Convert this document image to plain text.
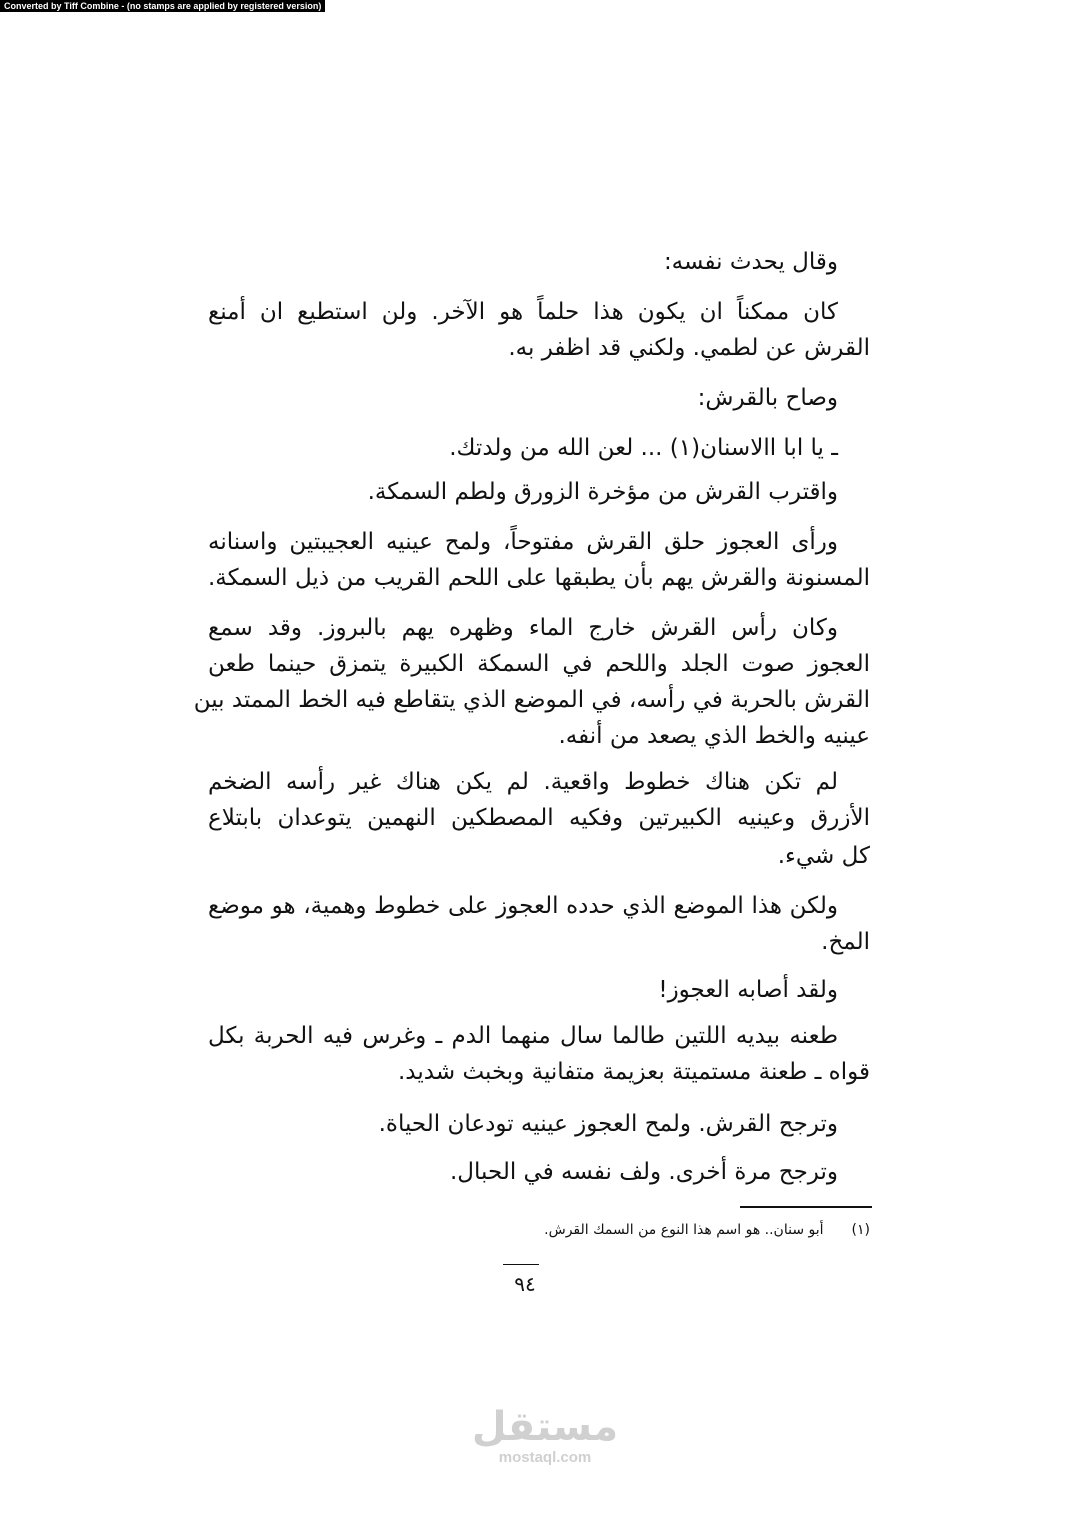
Converted by Tiff Combine - (no stamps are applied by registered version)
وقال يحدث نفسه:
كان ممكناً ان يكون هذا حلماً هو الآخر. ولن استطيع ان أمنع
القرش عن لطمي. ولكني قد اظفر به.
وصاح بالقرش:
ـ يا ابا االاسنان(١) ... لعن الله من ولدتك.
واقترب القرش من مؤخرة الزورق ولطم السمكة.
ورأى العجوز حلق القرش مفتوحاً، ولمح عينيه العجيبتين واسنانه
المسنونة والقرش يهم بأن يطبقها على اللحم القريب من ذيل السمكة.
وكان رأس القرش خارج الماء وظهره يهم بالبروز. وقد سمع
العجوز صوت الجلد واللحم في السمكة الكبيرة يتمزق حينما طعن
القرش بالحربة في رأسه، في الموضع الذي يتقاطع فيه الخط الممتد بين
عينيه والخط الذي يصعد من أنفه.
لم تكن هناك خطوط واقعية. لم يكن هناك غير رأسه الضخم
الأزرق وعينيه الكبيرتين وفكيه المصطكين النهمين يتوعدان بابتلاع
كل شيء.
ولكن هذا الموضع الذي حدده العجوز على خطوط وهمية، هو موضع
المخ.
ولقد أصابه العجوز!
طعنه بيديه اللتين طالما سال منهما الدم ـ وغرس فيه الحربة بكل
قواه ـ طعنة مستميتة بعزيمة متفانية وبخبث شديد.
وترجح القرش. ولمح العجوز عينيه تودعان الحياة.
وترجح مرة أخرى. ولف نفسه في الحبال.
(١)أبو سنان.. هو اسم هذا النوع من السمك القرش.
٩٤
مستقل
mostaql.com
